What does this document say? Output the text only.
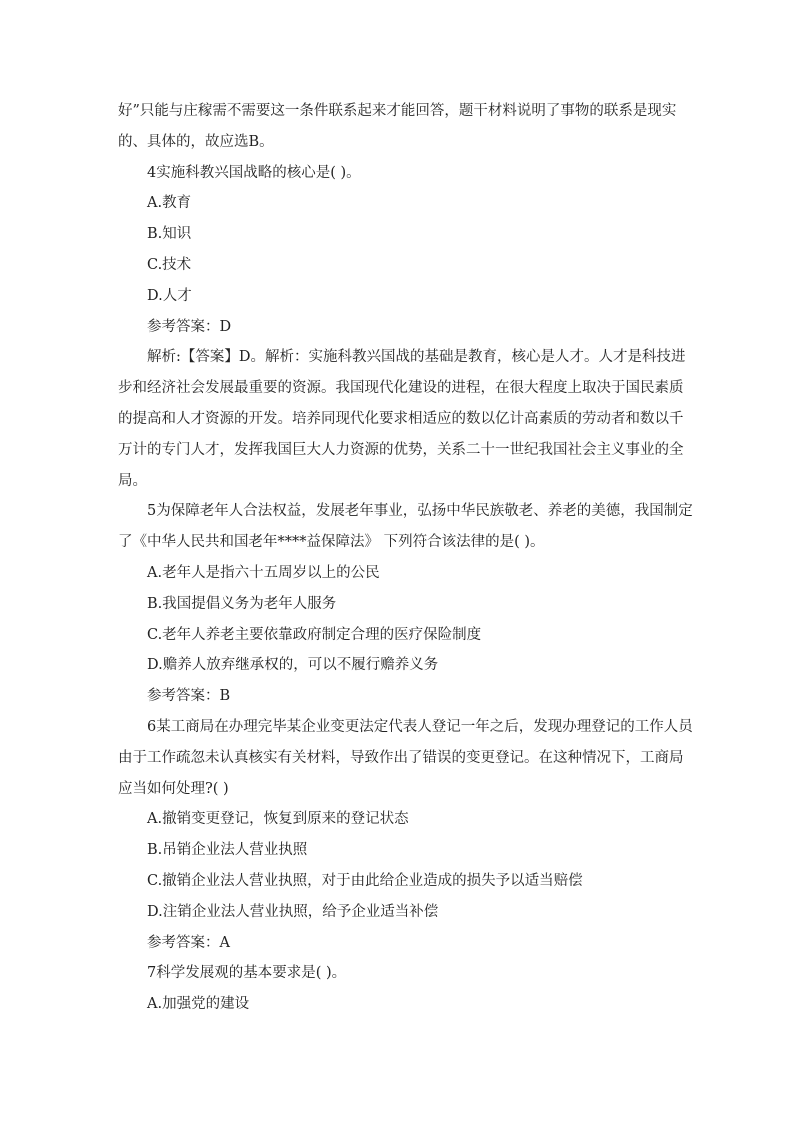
好”只能与庄稼需不需要这一条件联系起来才能回答，题干材料说明了事物的联系是现实
的、具体的，故应选B。
4实施科教兴国战略的核心是( )。
A.教育
B.知识
C.技术
D.人才
参考答案：D
解析:【答案】D。解析：实施科教兴国战的基础是教育，核心是人才。人才是科技进
步和经济社会发展最重要的资源。我国现代化建设的进程，在很大程度上取决于国民素质
的提高和人才资源的开发。培养同现代化要求相适应的数以亿计高素质的劳动者和数以千
万计的专门人才，发挥我国巨大人力资源的优势，关系二十一世纪我国社会主义事业的全
局。
5为保障老年人合法权益，发展老年事业，弘扬中华民族敬老、养老的美德，我国制定
了《中华人民共和国老年****益保障法》 下列符合该法律的是( )。
A.老年人是指六十五周岁以上的公民
B.我国提倡义务为老年人服务
C.老年人养老主要依靠政府制定合理的医疗保险制度
D.赡养人放弃继承权的，可以不履行赡养义务
参考答案：B
6某工商局在办理完毕某企业变更法定代表人登记一年之后，发现办理登记的工作人员
由于工作疏忽未认真核实有关材料，导致作出了错误的变更登记。在这种情况下，工商局
应当如何处理?( )
A.撤销变更登记，恢复到原来的登记状态
B.吊销企业法人营业执照
C.撤销企业法人营业执照，对于由此给企业造成的损失予以适当赔偿
D.注销企业法人营业执照，给予企业适当补偿
参考答案：A
7科学发展观的基本要求是( )。
A.加强党的建设
